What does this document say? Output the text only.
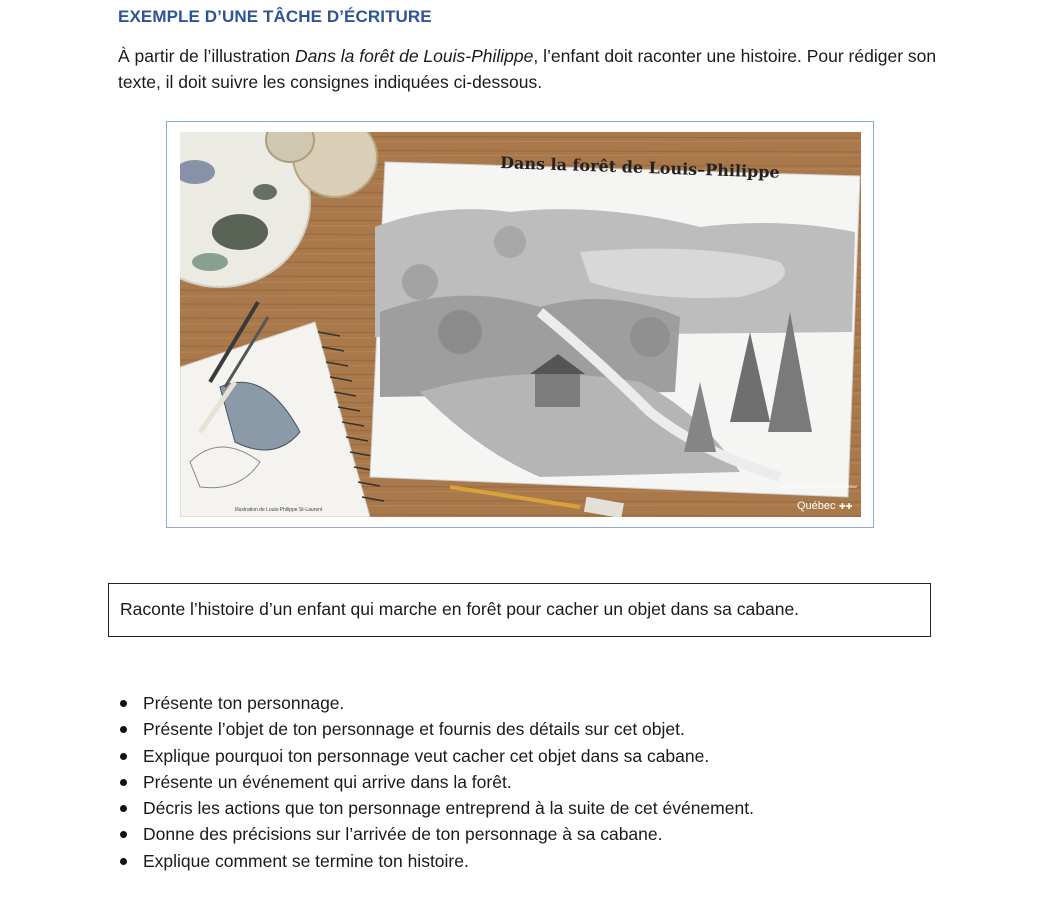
EXEMPLE D’UNE TÂCHE D’ÉCRITURE

À partir de l’illustration Dans la forêt de Louis-Philippe, l’enfant doit raconter une histoire. Pour rédiger son texte, il doit suivre les consignes indiquées ci-dessous.

Dans la forêt de Louis–Philippe
Illustration de Louis-Philippe St-Laurent
Éducation et Enseignement supérieur
Québec ✚✚

Raconte l’histoire d’un enfant qui marche en forêt pour cacher un objet dans sa cabane.

Présente ton personnage.
Présente l’objet de ton personnage et fournis des détails sur cet objet.
Explique pourquoi ton personnage veut cacher cet objet dans sa cabane.
Présente un événement qui arrive dans la forêt.
Décris les actions que ton personnage entreprend à la suite de cet événement.
Donne des précisions sur l’arrivée de ton personnage à sa cabane.
Explique comment se termine ton histoire.
